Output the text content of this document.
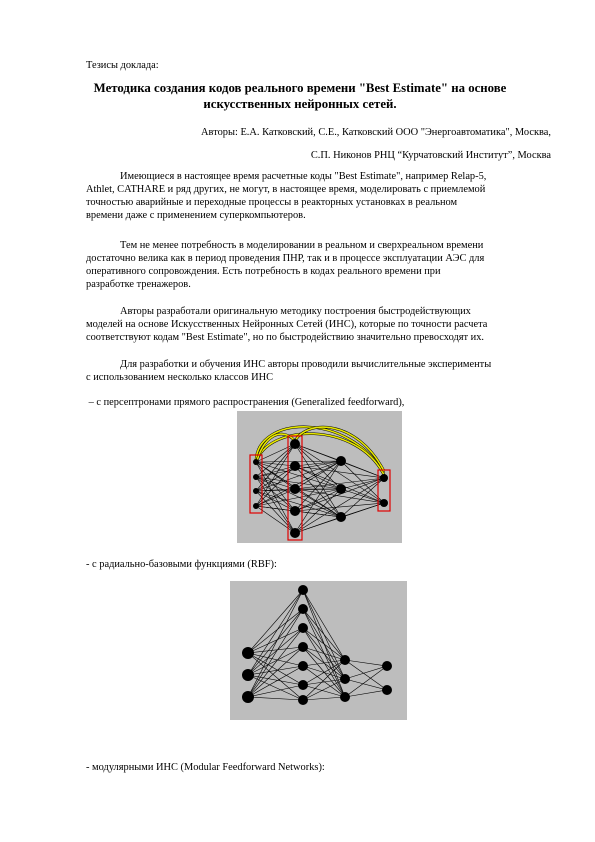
Тезисы доклада:

Методика создания кодов реального времени "Best Estimate" на основе
искусственных нейронных сетей.

Авторы: Е.А. Катковский, С.Е., Катковский ООО "Энергоавтоматика", Москва,

С.П. Никонов РНЦ “Курчатовский Институт”, Москва

Имеющиеся в настоящее время расчетные коды "Best Estimate", например Relap-5,
Athlet, CATHARE и ряд других, не могут, в настоящее время, моделировать с приемлемой
точностью аварийные и переходные процессы в реакторных установках в реальном
времени даже с применением суперкомпьютеров.
Тем не менее потребность в моделировании в реальном и сверхреальном времени
достаточно велика как в период проведения ПНР, так и в процессе эксплуатации АЭС для
оперативного сопровождения. Есть потребность в кодах реального времени при
разработке тренажеров.
Авторы разработали оригинальную методику построения быстродействующих
моделей на основе Искусственных Нейронных Сетей (ИНС), которые по точности расчета
соответствуют кодам "Best Estimate", но по быстродействию значительно превосходят их.
Для разработки и обучения ИНС авторы проводили вычислительные эксперименты
с использованием несколько классов ИНС

– с персептронами прямого распространения (Generalized feedforward),

- с радиально-базовыми функциями (RBF):

- модулярными ИНС (Modular Feedforward Networks):
